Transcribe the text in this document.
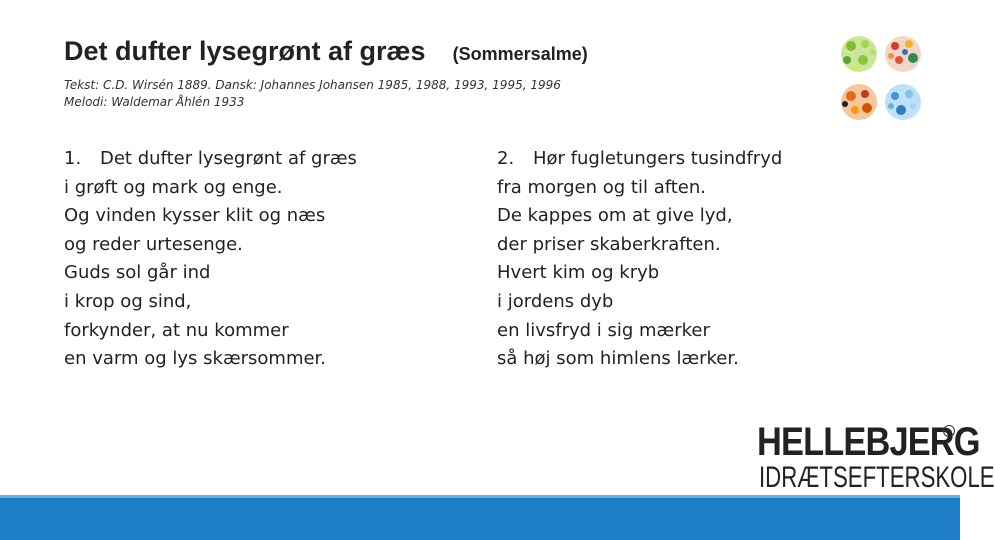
Det dufter lysegrønt af græs (Sommersalme)
Tekst: C.D. Wirsén 1889. Dansk: Johannes Johansen 1985, 1988, 1993, 1995, 1996
Melodi: Waldemar Åhlén 1933
1. Det dufter lysegrønt af græs
i grøft og mark og enge.
Og vinden kysser klit og næs
og reder urtesenge.
Guds sol går ind
i krop og sind,
forkynder, at nu kommer
en varm og lys skærsommer.
2. Hør fugletungers tusindfryd
fra morgen og til aften.
De kappes om at give lyd,
der priser skaberkraften.
Hvert kim og kryb
i jordens dyb
en livsfryd i sig mærker
så høj som himlens lærker.
HELLEBJERG
IDRÆTSEFTERSKOLE
